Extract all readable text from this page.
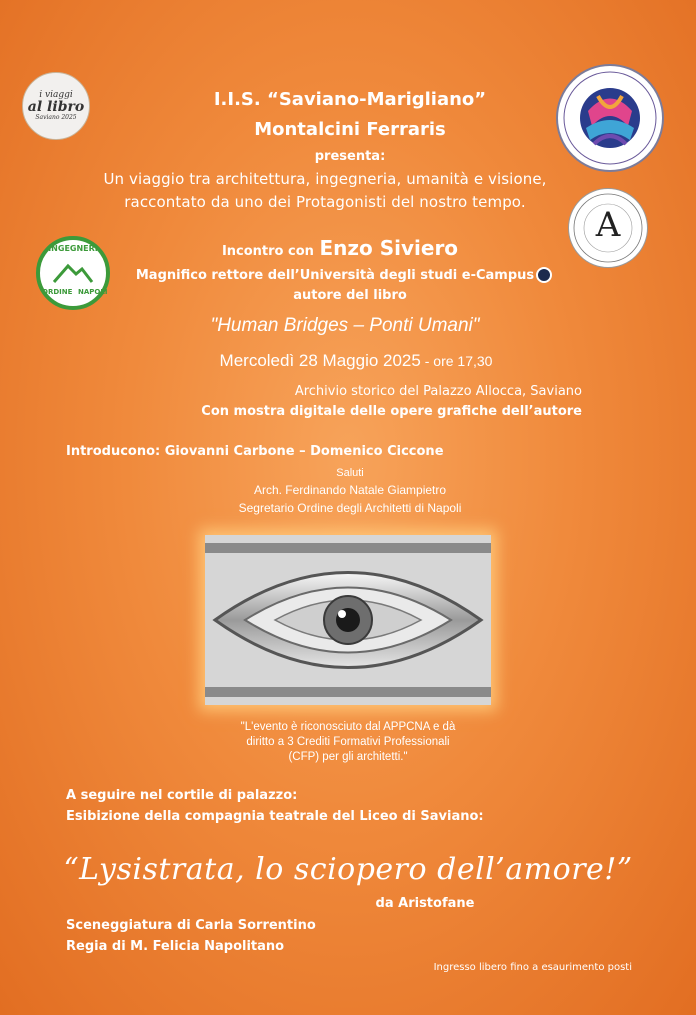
i viaggi
al libro
Saviano 2025
A
INGEGNERI
ORDINE NAPOLI
I.I.S. “Saviano-Marigliano”
Montalcini Ferraris
presenta:
Un viaggio tra architettura, ingegneria, umanità e visione,
raccontato da uno dei Protagonisti del nostro tempo.
Incontro con Enzo Siviero
Magnifico rettore dell’Università degli studi e-Campus
autore del libro
"Human Bridges – Ponti Umani"
Mercoledì 28 Maggio 2025 - ore 17,30
Archivio storico del Palazzo Allocca, Saviano
Con mostra digitale delle opere grafiche dell’autore
Introducono: Giovanni Carbone – Domenico Ciccone
Saluti
Arch. Ferdinando Natale Giampietro
Segretario Ordine degli Architetti di Napoli
"L'evento è riconosciuto dal APPCNA e dà
diritto a 3 Crediti Formativi Professionali
(CFP) per gli architetti."
A seguire nel cortile di palazzo:
Esibizione della compagnia teatrale del Liceo di Saviano:
“Lysistrata, lo sciopero dell’amore!”
da Aristofane
Sceneggiatura di Carla Sorrentino
Regia di M. Felicia Napolitano
Ingresso libero fino a esaurimento posti
